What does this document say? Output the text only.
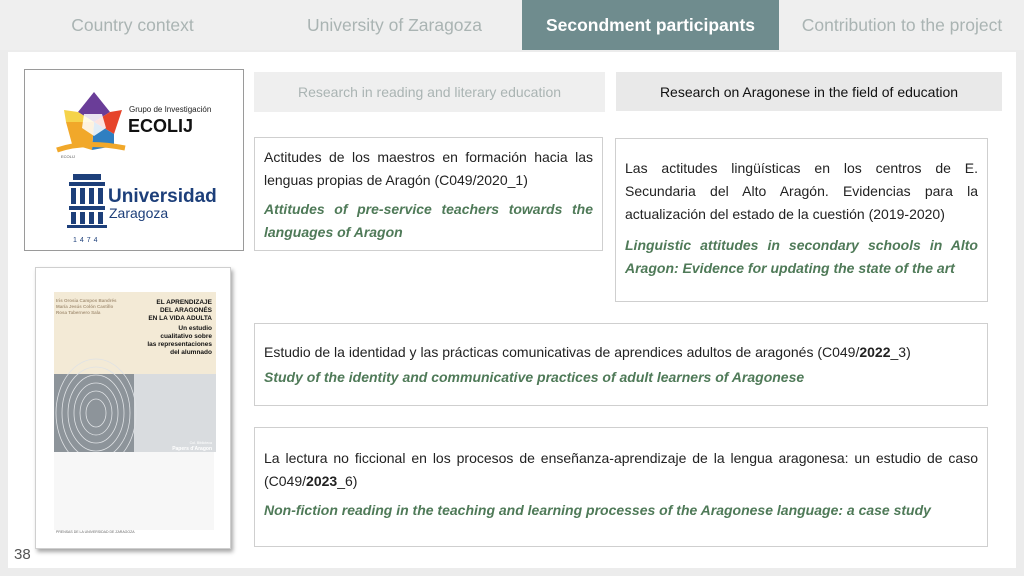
Country context	University of Zaragoza	Secondment participants	Contribution to the project
Grupo de Investigación
ECOLIJ
ECOLIJ
Universidad
Zaragoza
1474
Iris Orosia Campos Bandrés
María Jesús Colón Castillo
Rosa Tabernero Sala
EL APRENDIZAJE
DEL ARAGONÉS
EN LA VIDA ADULTA
Un estudio
cualitativo sobre
las representaciones
del alumnado
Col. Biblioteca
Papers d'Aragon
PRENSAS DE LA UNIVERSIDAD DE ZARAGOZA
Research in reading and literary education	Research on Aragonese in the field of education
Actitudes de los maestros en formación hacia las lenguas propias de Aragón (C049/2020_1)
Attitudes of pre-service teachers towards the languages of Aragon
Las actitudes lingüísticas en los centros de E. Secundaria del Alto Aragón. Evidencias para la actualización del estado de la cuestión (2019-2020)
Linguistic attitudes in secondary schools in Alto Aragon: Evidence for updating the state of the art
Estudio de la identidad y las prácticas comunicativas de aprendices adultos de aragonés (C049/2022_3)
Study of the identity and communicative practices of adult learners of Aragonese
La lectura no ficcional en los procesos de enseñanza-aprendizaje de la lengua aragonesa: un estudio de caso (C049/2023_6)
Non-fiction reading in the teaching and learning processes of the Aragonese language: a case study
38
